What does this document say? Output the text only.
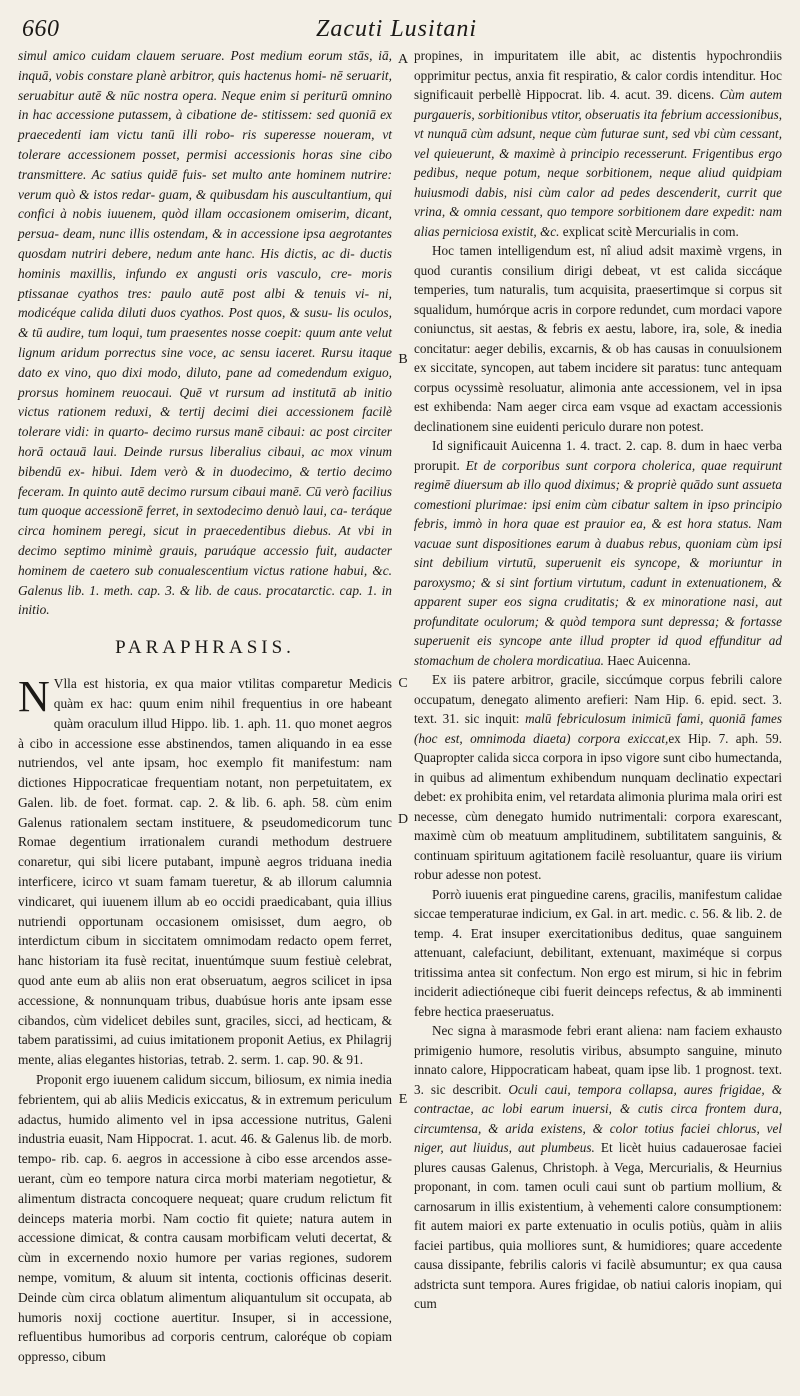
660	Zacuti Lusitani
A
B
C
D
E

simul amico cuidam clauem seruare. Post medium eorum stās, iā, inquā, vobis constare planè arbitror, quis hactenus homi- nē seruarit, seruabitur autē & nūc nostra opera. Neque enim si periturū omnino in hac accessione putassem, à cibatione de- stitissem: sed quoniā ex praecedenti iam victu tanū illi robo- ris superesse noueram, vt tolerare accessionem posset, permisi accessionis horas sine cibo transmittere. Ac satius quidē fuis- set multo ante hominem nutrire: verum quò & istos redar- guam, & quibusdam his auscultantium, qui confici à nobis iuuenem, quòd illam occasionem omiserim, dicant, persua- deam, nunc illis ostendam, & in accessione ipsa aegrotantes quosdam nutriri debere, nedum ante hanc. His dictis, ac di- ductis hominis maxillis, infundo ex angusti oris vasculo, cre- moris ptissanae cyathos tres: paulo autē post albi & tenuis vi- ni, modicéque calida diluti duos cyathos. Post quos, & susu- lis oculos, & tū audire, tum loqui, tum praesentes nosse coepit: quum ante velut lignum aridum porrectus sine voce, ac sensu iaceret. Rursu itaque dato ex vino, quo dixi modo, diluto, pane ad comedendum exiguo, prorsus hominem reuocaui. Quē vt rursum ad institutā ab initio victus rationem reduxi, & tertij decimi diei accessionem facilè tolerare vidi: in quarto- decimo rursus manē cibaui: ac post circiter horā octauā laui. Deinde rursus liberalius cibaui, ac mox vinum bibendū ex- hibui. Idem verò & in duodecimo, & tertio decimo feceram. In quinto autē decimo rursum cibaui manē. Cū verò facilius tum quoque accessionē ferret, in sextodecimo denuò laui, ca- teráque circa hominem peregi, sicut in praecedentibus diebus. At vbi in decimo septimo minimè grauis, paruáque accessio fuit, audacter hominem de caetero sub conualescentium victus ratione habui, &c. Galenus lib. 1. meth. cap. 3. & lib. de caus. procatarctic. cap. 1. in initio.

PARAPHRASIS.

N Vlla est historia, ex qua maior vtilitas comparetur Medicis quàm ex hac: quum enim nihil frequentius in ore habeant quàm oraculum illud Hippo. lib. 1. aph. 11. quo monet aegros à cibo in accessione esse abstinendos, tamen aliquando in ea esse nutriendos, vel ante ipsam, hoc exemplo fit manifestum: nam dictiones Hippocraticae frequentiam notant, non perpetuitatem, ex Galen. lib. de foet. format. cap. 2. & lib. 6. aph. 58. cùm enim Galenus rationalem sectam instituere, & pseudomedicorum tunc Romae degentium irrationalem curandi methodum destruere conaretur, qui sibi licere putabant, impunè aegros triduana inedia interficere, icirco vt suam famam tueretur, & ab illorum calumnia vindicaret, qui iuuenem illum ab eo occidi praedicabant, quia illius nutriendi opportunam occasionem omisisset, dum aegro, ob interdictum cibum in siccitatem omnimodam redacto opem ferret, hanc historiam ita fusè recitat, inuentúmque suum festiuè celebrat, quod ante eum ab aliis non erat obseruatum, aegros scilicet in ipsa accessione, & nonnunquam tribus, duabúsue horis ante ipsam esse cibandos, cùm videlicet debiles sunt, graciles, sicci, ad hecticam, & tabem paratissimi, ad cuius imitationem proponit Aetius, ex Philagrij mente, alias elegantes historias, tetrab. 2. serm. 1. cap. 90. & 91.

Proponit ergo iuuenem calidum siccum, biliosum, ex nimia inedia febrientem, qui ab aliis Medicis exiccatus, & in extremum periculum adactus, humido alimento vel in ipsa accessione nutritus, Galeni industria euasit, Nam Hippocrat. 1. acut. 46. & Galenus lib. de morb. tempo- rib. cap. 6. aegros in accessione à cibo esse arcendos asse- uerant, cùm eo tempore natura circa morbi materiam negotietur, & alimentum distracta concoquere nequeat; quare crudum relictum fit deinceps materia morbi. Nam coctio fit quiete; natura autem in accessione dimicat, & contra causam morbificam veluti decertat, & cùm in excernendo noxio humore per varias regiones, sudorem nempe, vomitum, & aluum sit intenta, coctionis officinas deserit. Deinde cùm circa oblatum alimentum aliquantulum sit occupata, ab humoris noxij coctione auertitur. Insuper, si in accessione, refluentibus humoribus ad corporis centrum, caloréque ob copiam oppresso, cibum

propines, in impuritatem ille abit, ac distentis hypochrondiis opprimitur pectus, anxia fit respiratio, & calor cordis intenditur. Hoc significauit perbellè Hippocrat. lib. 4. acut. 39. dicens. Cùm autem purgaueris, sorbitionibus vtitor, obseruatis ita febrium accessionibus, vt nunquā cùm adsunt, neque cùm futurae sunt, sed vbi cùm cessant, vel quieuerunt, & maximè à principio recesserunt. Frigentibus ergo pedibus, neque potum, neque sorbitionem, neque aliud quidpiam huiusmodi dabis, nisi cùm calor ad pedes descenderit, currit que vrina, & omnia cessant, quo tempore sorbitionem dare expedit: nam alias perniciosa existit, &c. explicat scitè Mercurialis in com.

Hoc tamen intelligendum est, nî aliud adsit maximè vrgens, in quod curantis consilium dirigi debeat, vt est calida siccáque temperies, tum naturalis, tum acquisita, praesertimque si corpus sit squalidum, humórque acris in corpore redundet, cum mordaci vapore coniunctus, sit aestas, & febris ex aestu, labore, ira, sole, & inedia concitatur: aeger debilis, excarnis, & ob has causas in conuulsionem ex siccitate, syncopen, aut tabem incidere sit paratus: tunc antequam corpus ocyssimè resoluatur, alimonia ante accessionem, vel in ipsa est exhibenda: Nam aeger circa eam vsque ad exactam accessionis declinationem sine euidenti periculo durare non potest.

Id significauit Auicenna 1. 4. tract. 2. cap. 8. dum in haec verba prorupit. Et de corporibus sunt corpora cholerica, quae requirunt regimē diuersum ab illo quod diximus; & propriè quādo sunt assueta comestioni plurimae: ipsi enim cùm cibatur saltem in ipso principio febris, immò in hora quae est prauior ea, & est hora status. Nam vacuae sunt dispositiones earum à duabus rebus, quoniam cùm ipsi sint debilium virtutū, superuenit eis syncope, & moriuntur in paroxysmo; & si sint fortium virtutum, cadunt in extenuationem, & apparent super eos signa cruditatis; & ex minoratione nasi, aut profunditate oculorum; & quòd tempora sunt depressa; & fortasse superuenit eis syncope ante illud propter id quod effunditur ad stomachum de cholera mordicatiua. Haec Auicenna.

Ex iis patere arbitror, gracile, siccúmque corpus febrili calore occupatum, denegato alimento arefieri: Nam Hip. 6. epid. sect. 3. text. 31. sic inquit: malū febriculosum inimicū fami, quoniā fames (hoc est, omnimoda diaeta) corpora exiccat,ex Hip. 7. aph. 59. Quapropter calida sicca corpora in ipso vigore sunt cibo humectanda, in quibus ad alimentum exhibendum nunquam declinatio expectari debet: ex prohibita enim, vel retardata alimonia plurima mala oriri est necesse, cùm denegato humido nutrimentali: corpora exarescant, maximè cùm ob meatuum amplitudinem, subtilitatem sanguinis, & continuam spirituum agitationem facilè resoluantur, quare iis virium robur adesse non potest.

Porrò iuuenis erat pinguedine carens, gracilis, manifestum calidae siccae temperaturae indicium, ex Gal. in art. medic. c. 56. & lib. 2. de temp. 4. Erat insuper exercitationibus deditus, quae sanguinem attenuant, calefaciunt, debilitant, extenuant, maximéque si corpus tritissima antea sit confectum. Non ergo est mirum, si hic in febrim inciderit adiectióneque cibi fuerit deinceps refectus, & ab imminenti febre hectica praeseruatus.

Nec signa à marasmode febri erant aliena: nam faciem exhausto primigenio humore, resolutis viribus, absumpto sanguine, minuto innato calore, Hippocraticam habeat, quam ipse lib. 1 prognost. text. 3. sic describit. Oculi caui, tempora collapsa, aures frigidae, & contractae, ac lobi earum inuersi, & cutis circa frontem dura, circumtensa, & arida existens, & color totius faciei chlorus, vel niger, aut liuidus, aut plumbeus. Et licèt huius cadauerosae faciei plures causas Galenus, Christoph. à Vega, Mercurialis, & Heurnius proponant, in com. tamen oculi caui sunt ob partium mollium, & carnosarum in illis existentium, à vehementi calore consumptionem: fit autem maiori ex parte extenuatio in oculis potiùs, quàm in aliis faciei partibus, quia molliores sunt, & humidiores; quare accedente causa dissipante, febrilis caloris vi facilè absumuntur; ex qua causa adstricta sunt tempora. Aures frigidae, ob natiui caloris inopiam, qui cum
